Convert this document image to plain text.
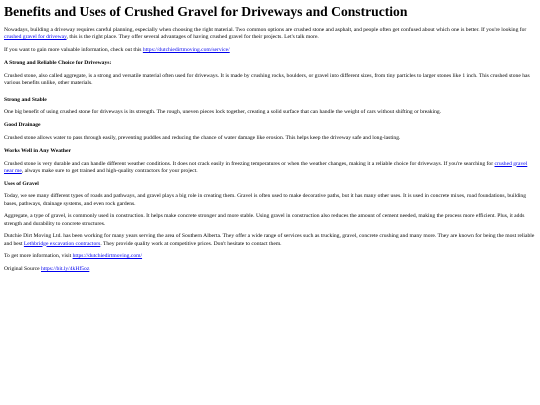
Benefits and Uses of Crushed Gravel for Driveways and Construction

Nowadays, building a driveway requires careful planning, especially when choosing the right material. Two common options are crushed stone and asphalt, and people often get confused about which one is better. If you're looking for crushed gravel for driveway, this is the right place. They offer several advantages of having crushed gravel for their projects. Let's talk more.

If you want to gain more valuable information, check out this https://dutchiedirtmoving.com/service/

A Strong and Reliable Choice for Driveways:

Crushed stone, also called aggregate, is a strong and versatile material often used for driveways. It is made by crushing rocks, boulders, or gravel into different sizes, from tiny particles to larger stones like 1 inch. This crushed stone has various benefits unlike, other materials.

Strong and Stable

One big benefit of using crushed stone for driveways is its strength. The rough, uneven pieces lock together, creating a solid surface that can handle the weight of cars without shifting or breaking.

Good Drainage

Crushed stone allows water to pass through easily, preventing puddles and reducing the chance of water damage like erosion. This helps keep the driveway safe and long-lasting.

Works Well in Any Weather

Crushed stone is very durable and can handle different weather conditions. It does not crack easily in freezing temperatures or when the weather changes, making it a reliable choice for driveways. If you're searching for crushed gravel near me, always make sure to get trained and high-quality contractors for your project.

Uses of Gravel

Today, we see many different types of roads and pathways, and gravel plays a big role in creating them. Gravel is often used to make decorative paths, but it has many other uses. It is used in concrete mixes, road foundations, building bases, pathways, drainage systems, and even rock gardens.

Aggregate, a type of gravel, is commonly used in construction. It helps make concrete stronger and more stable. Using gravel in construction also reduces the amount of cement needed, making the process more efficient. Plus, it adds strength and durability to concrete structures.

Dutchie Dirt Moving Ltd. has been working for many years serving the area of Southern Alberta. They offer a wide range of services such as trucking, gravel, concrete crushing and many more. They are known for being the most reliable and best Lethbridge excavation contractors. They provide quality work at competitive prices. Don't hesitate to contact them.

To get more information, visit https://dutchiedirtmoving.com/

Original Source https://bit.ly/4kHf5oz
